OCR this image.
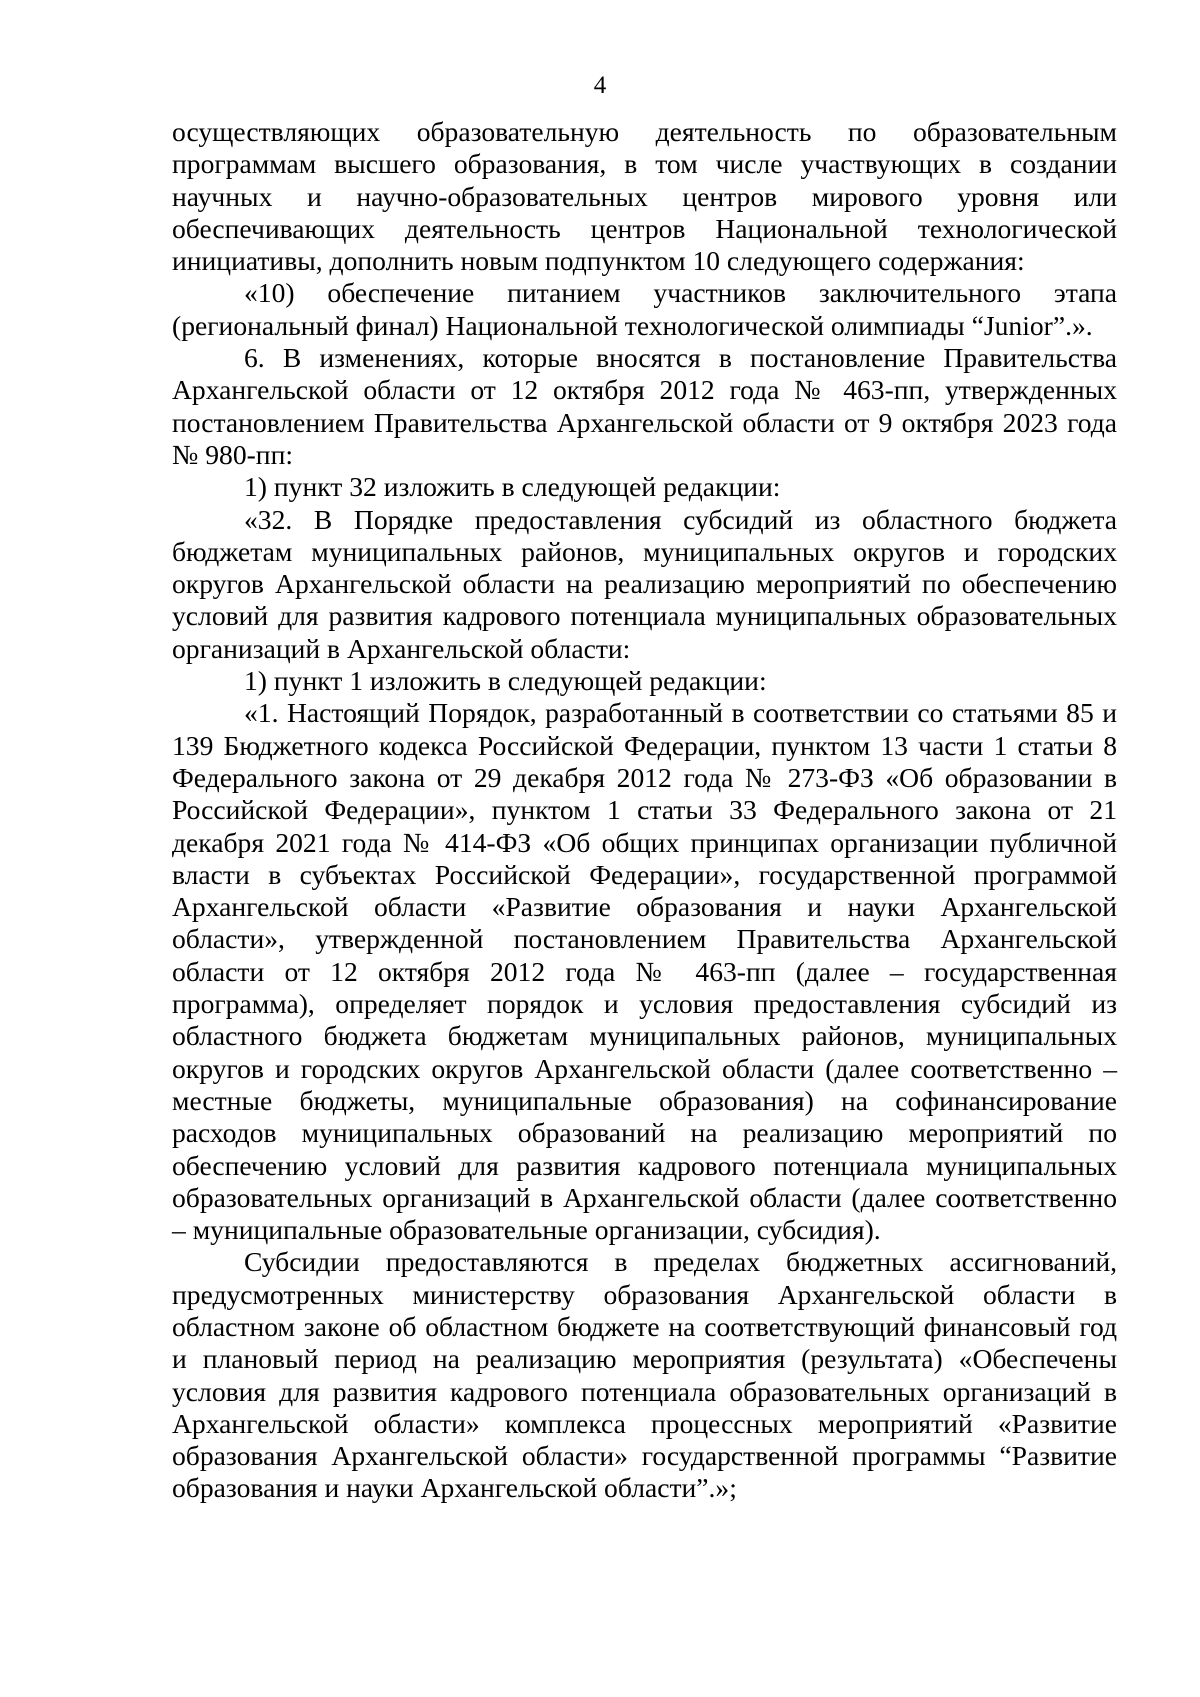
4

осуществляющих образовательную деятельность по образовательным программам высшего образования, в том числе участвующих в создании научных и научно-образовательных центров мирового уровня или обеспечивающих деятельность центров Национальной технологической инициативы, дополнить новым подпунктом 10 следующего содержания:

«10) обеспечение питанием участников заключительного этапа (региональный финал) Национальной технологической олимпиады “Junior”.».

6. В изменениях, которые вносятся в постановление Правительства Архангельской области от 12 октября 2012 года № 463-пп, утвержденных постановлением Правительства Архангельской области от 9 октября 2023 года № 980-пп:

1) пункт 32 изложить в следующей редакции:

«32. В Порядке предоставления субсидий из областного бюджета бюджетам муниципальных районов, муниципальных округов и городских округов Архангельской области на реализацию мероприятий по обеспечению условий для развития кадрового потенциала муниципальных образовательных организаций в Архангельской области:

1) пункт 1 изложить в следующей редакции:

«1. Настоящий Порядок, разработанный в соответствии со статьями 85 и 139 Бюджетного кодекса Российской Федерации, пунктом 13 части 1 статьи 8 Федерального закона от 29 декабря 2012 года № 273-ФЗ «Об образовании в Российской Федерации», пунктом 1 статьи 33 Федерального закона от 21 декабря 2021 года № 414-ФЗ «Об общих принципах организации публичной власти в субъектах Российской Федерации», государственной программой Архангельской области «Развитие образования и науки Архангельской области», утвержденной постановлением Правительства Архангельской области от 12 октября 2012 года № 463-пп (далее – государственная программа), определяет порядок и условия предоставления субсидий из областного бюджета бюджетам муниципальных районов, муниципальных округов и городских округов Архангельской области (далее соответственно – местные бюджеты, муниципальные образования) на софинансирование расходов муниципальных образований на реализацию мероприятий по обеспечению условий для развития кадрового потенциала муниципальных образовательных организаций в Архангельской области (далее соответственно – муниципальные образовательные организации, субсидия).

Субсидии предоставляются в пределах бюджетных ассигнований, предусмотренных министерству образования Архангельской области в областном законе об областном бюджете на соответствующий финансовый год и плановый период на реализацию мероприятия (результата) «Обеспечены условия для развития кадрового потенциала образовательных организаций в Архангельской области» комплекса процессных мероприятий «Развитие образования Архангельской области» государственной программы “Развитие образования и науки Архангельской области”.»;
